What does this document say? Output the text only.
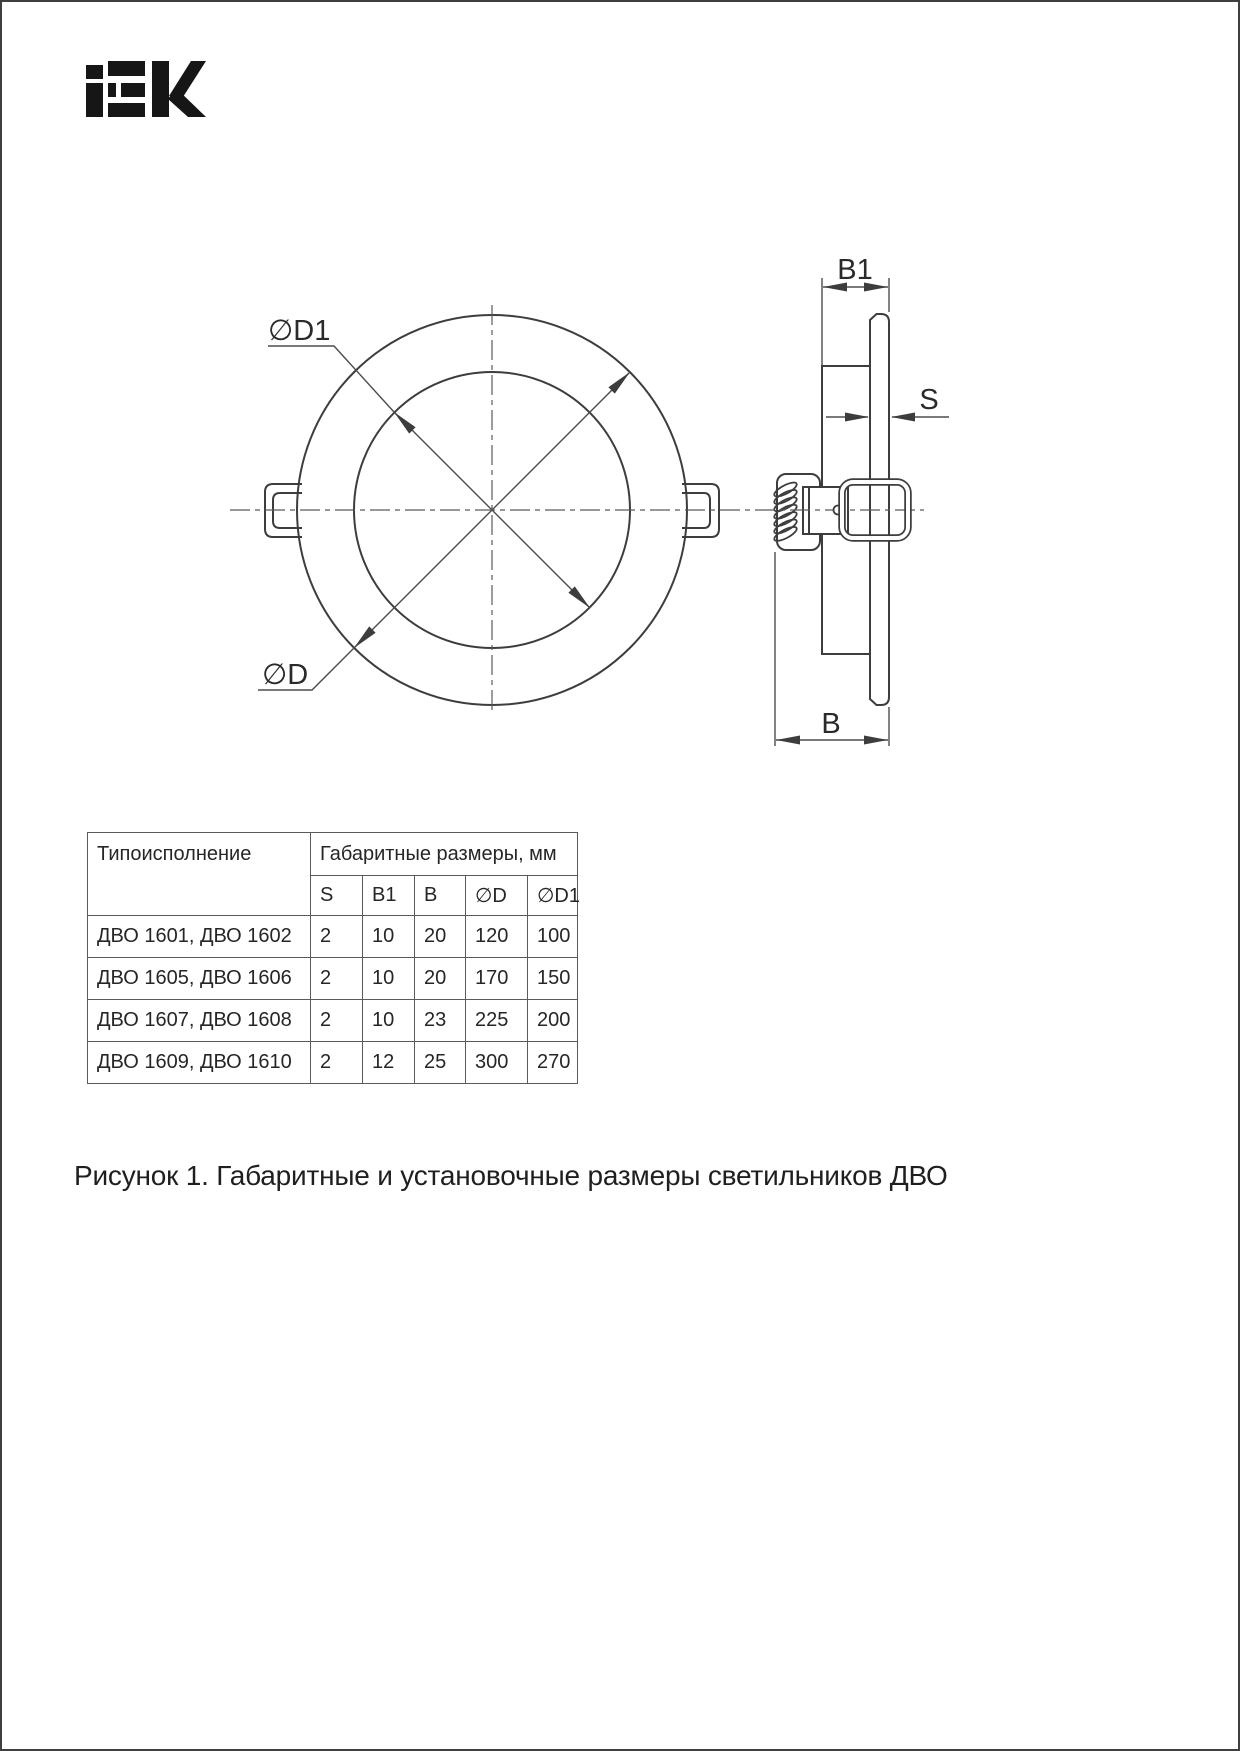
∅D1
∅D
B1
S
B
Типоисполнение	Габаритные размеры, мм				
	S	B1	B	∅D	∅D1
ДВО 1601, ДВО 1602	2	10	20	120	100
ДВО 1605, ДВО 1606	2	10	20	170	150
ДВО 1607, ДВО 1608	2	10	23	225	200
ДВО 1609, ДВО 1610	2	12	25	300	270
Рисунок 1. Габаритные и установочные размеры светильников ДВО
